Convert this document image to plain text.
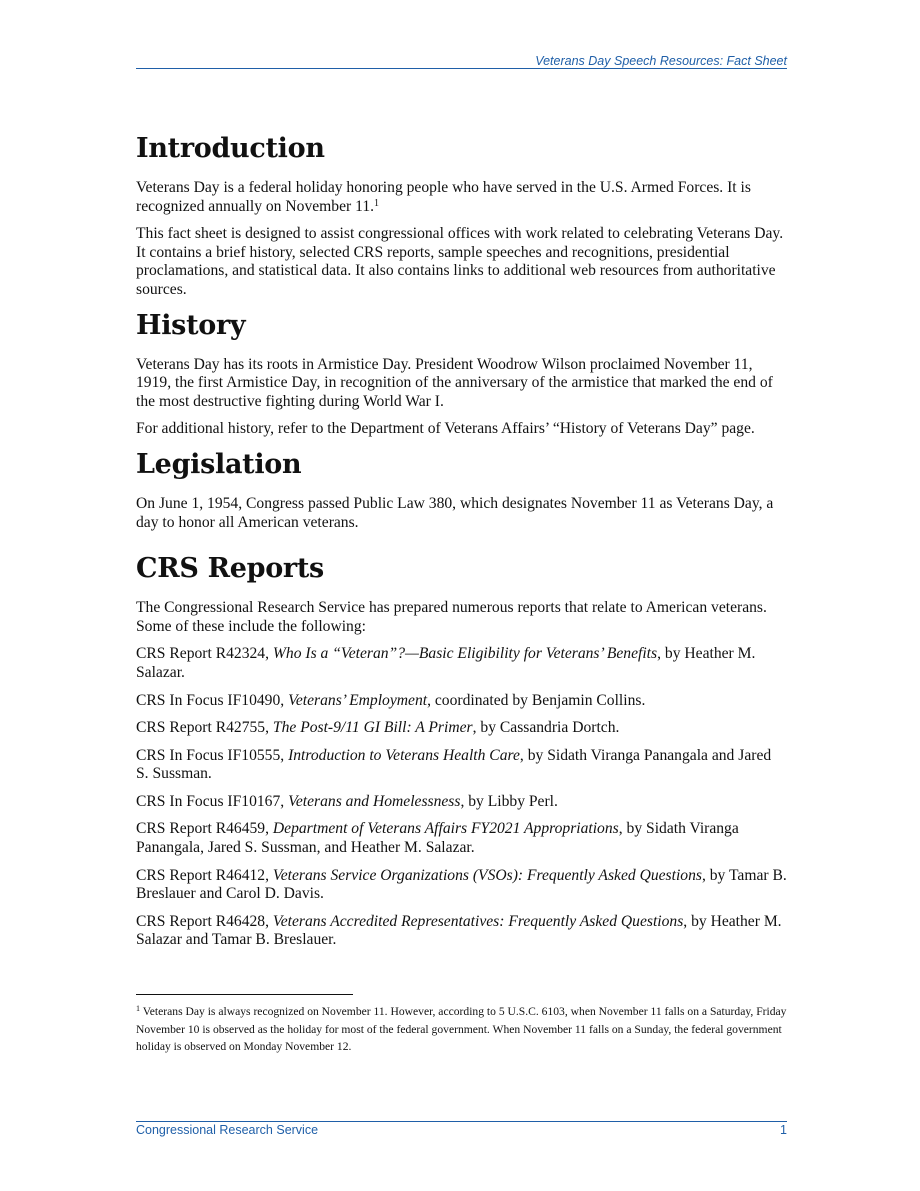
Veterans Day Speech Resources: Fact Sheet
Introduction

Veterans Day is a federal holiday honoring people who have served in the U.S. Armed Forces. It is recognized annually on November 11.$^1$

This fact sheet is designed to assist congressional offices with work related to celebrating Veterans Day. It contains a brief history, selected CRS reports, sample speeches and recognitions, presidential proclamations, and statistical data. It also contains links to additional web resources from authoritative sources.

History

Veterans Day has its roots in Armistice Day. President Woodrow Wilson proclaimed November 11, 1919, the first Armistice Day, in recognition of the anniversary of the armistice that marked the end of the most destructive fighting during World War I.

For additional history, refer to the Department of Veterans Affairs’ “History of Veterans Day” page.

Legislation

On June 1, 1954, Congress passed Public Law 380, which designates November 11 as Veterans Day, a day to honor all American veterans.

CRS Reports

The Congressional Research Service has prepared numerous reports that relate to American veterans. Some of these include the following:

CRS Report R42324, Who Is a “Veteran”?—Basic Eligibility for Veterans’ Benefits, by Heather M. Salazar.

CRS In Focus IF10490, Veterans’ Employment, coordinated by Benjamin Collins.

CRS Report R42755, The Post-9/11 GI Bill: A Primer, by Cassandria Dortch.

CRS In Focus IF10555, Introduction to Veterans Health Care, by Sidath Viranga Panangala and Jared S. Sussman.

CRS In Focus IF10167, Veterans and Homelessness, by Libby Perl.

CRS Report R46459, Department of Veterans Affairs FY2021 Appropriations, by Sidath Viranga Panangala, Jared S. Sussman, and Heather M. Salazar.

CRS Report R46412, Veterans Service Organizations (VSOs): Frequently Asked Questions, by Tamar B. Breslauer and Carol D. Davis.

CRS Report R46428, Veterans Accredited Representatives: Frequently Asked Questions, by Heather M. Salazar and Tamar B. Breslauer.

$^1$ Veterans Day is always recognized on November 11. However, according to 5 U.S.C. 6103, when November 11 falls on a Saturday, Friday November 10 is observed as the holiday for most of the federal government. When November 11 falls on a Sunday, the federal government holiday is observed on Monday November 12.
Congressional Research Service	1
